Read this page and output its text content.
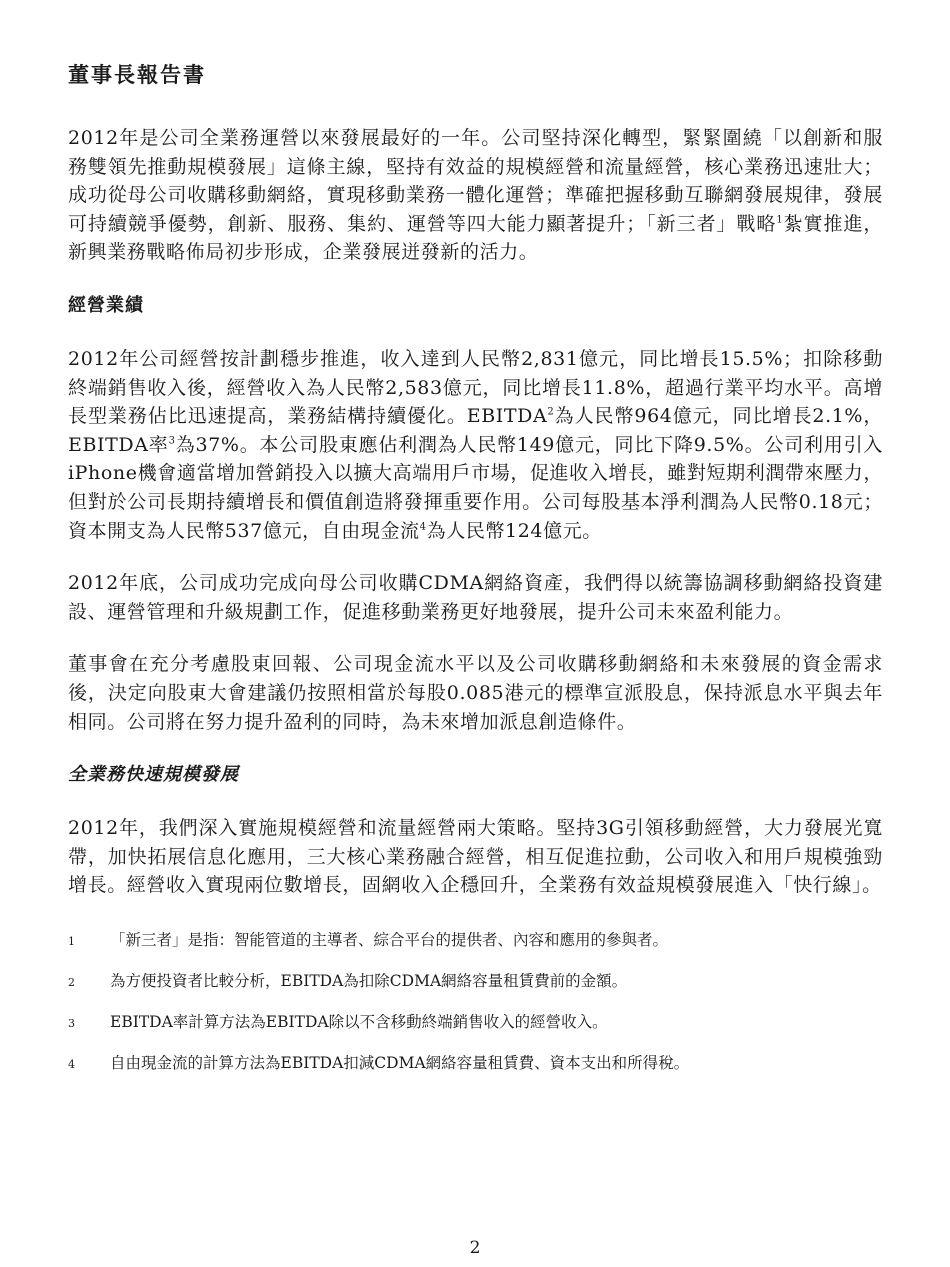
董事長報告書

2012年是公司全業務運營以來發展最好的一年。公司堅持深化轉型，緊緊圍繞「以創新和服務雙領先推動規模發展」這條主線，堅持有效益的規模經營和流量經營，核心業務迅速壯大；成功從母公司收購移動網絡，實現移動業務一體化運營；準確把握移動互聯網發展規律，發展可持續競爭優勢，創新、服務、集約、運營等四大能力顯著提升；「新三者」戰略$^1$紮實推進，新興業務戰略佈局初步形成，企業發展迸發新的活力。

經營業績

2012年公司經營按計劃穩步推進，收入達到人民幣2,831億元，同比增長15.5%；扣除移動終端銷售收入後，經營收入為人民幣2,583億元，同比增長11.8%，超過行業平均水平。高增長型業務佔比迅速提高，業務結構持續優化。EBITDA$^2$為人民幣964億元，同比增長2.1%，EBITDA率$^3$為37%。本公司股東應佔利潤為人民幣149億元，同比下降9.5%。公司利用引入iPhone機會適當增加營銷投入以擴大高端用戶市場，促進收入增長，雖對短期利潤帶來壓力，但對於公司長期持續增長和價值創造將發揮重要作用。公司每股基本淨利潤為人民幣0.18元；資本開支為人民幣537億元，自由現金流$^4$為人民幣124億元。

2012年底，公司成功完成向母公司收購CDMA網絡資產，我們得以統籌協調移動網絡投資建設、運營管理和升級規劃工作，促進移動業務更好地發展，提升公司未來盈利能力。

董事會在充分考慮股東回報、公司現金流水平以及公司收購移動網絡和未來發展的資金需求後，決定向股東大會建議仍按照相當於每股0.085港元的標準宣派股息，保持派息水平與去年相同。公司將在努力提升盈利的同時，為未來增加派息創造條件。

全業務快速規模發展

2012年，我們深入實施規模經營和流量經營兩大策略。堅持3G引領移動經營，大力發展光寬帶，加快拓展信息化應用，三大核心業務融合經營，相互促進拉動，公司收入和用戶規模強勁增長。經營收入實現兩位數增長，固網收入企穩回升，全業務有效益規模發展進入「快行線」。

1	「新三者」是指：智能管道的主導者、綜合平台的提供者、內容和應用的參與者。
2	為方便投資者比較分析，EBITDA為扣除CDMA網絡容量租賃費前的金額。
3	EBITDA率計算方法為EBITDA除以不含移動終端銷售收入的經營收入。
4	自由現金流的計算方法為EBITDA扣減CDMA網絡容量租賃費、資本支出和所得稅。
2
